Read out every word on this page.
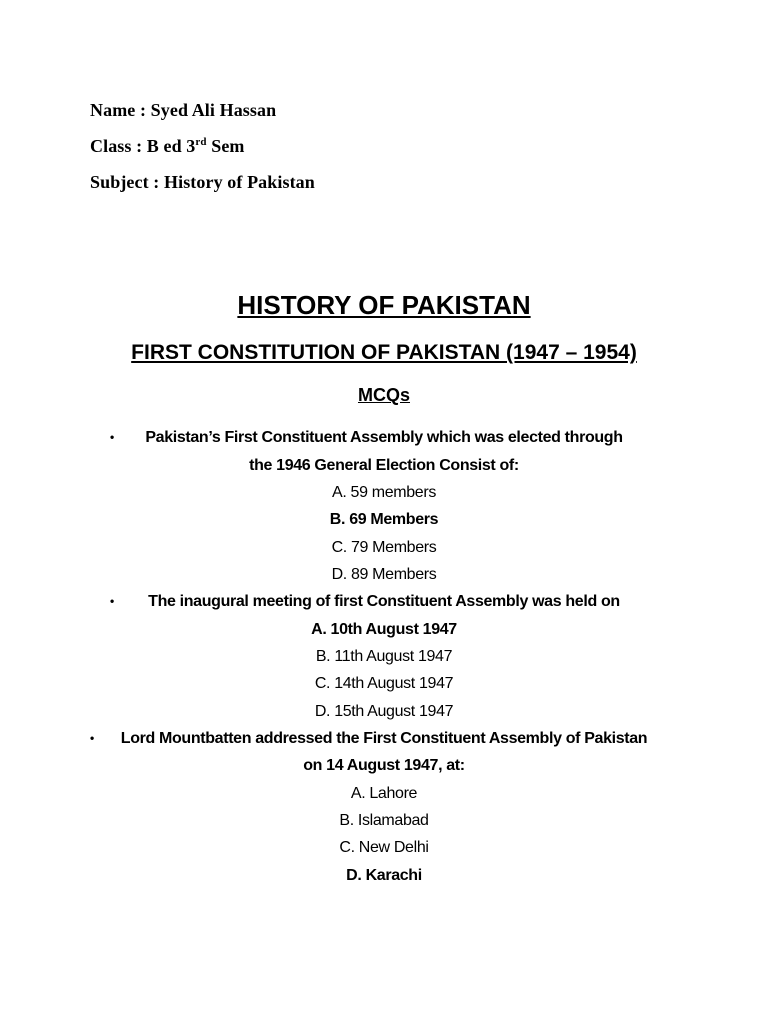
Name : Syed Ali Hassan
Class : B ed 3rd Sem
Subject : History of Pakistan
HISTORY OF PAKISTAN
FIRST CONSTITUTION OF PAKISTAN (1947 – 1954)
MCQs
• Pakistan’s First Constituent Assembly which was elected through the 1946 General Election Consist of:
A. 59 members
B. 69 Members
C. 79 Members
D. 89 Members
• The inaugural meeting of first Constituent Assembly was held on
A. 10th August 1947
B. 11th August 1947
C. 14th August 1947
D. 15th August 1947
• Lord Mountbatten addressed the First Constituent Assembly of Pakistan on 14 August 1947, at:
A. Lahore
B. Islamabad
C. New Delhi
D. Karachi
